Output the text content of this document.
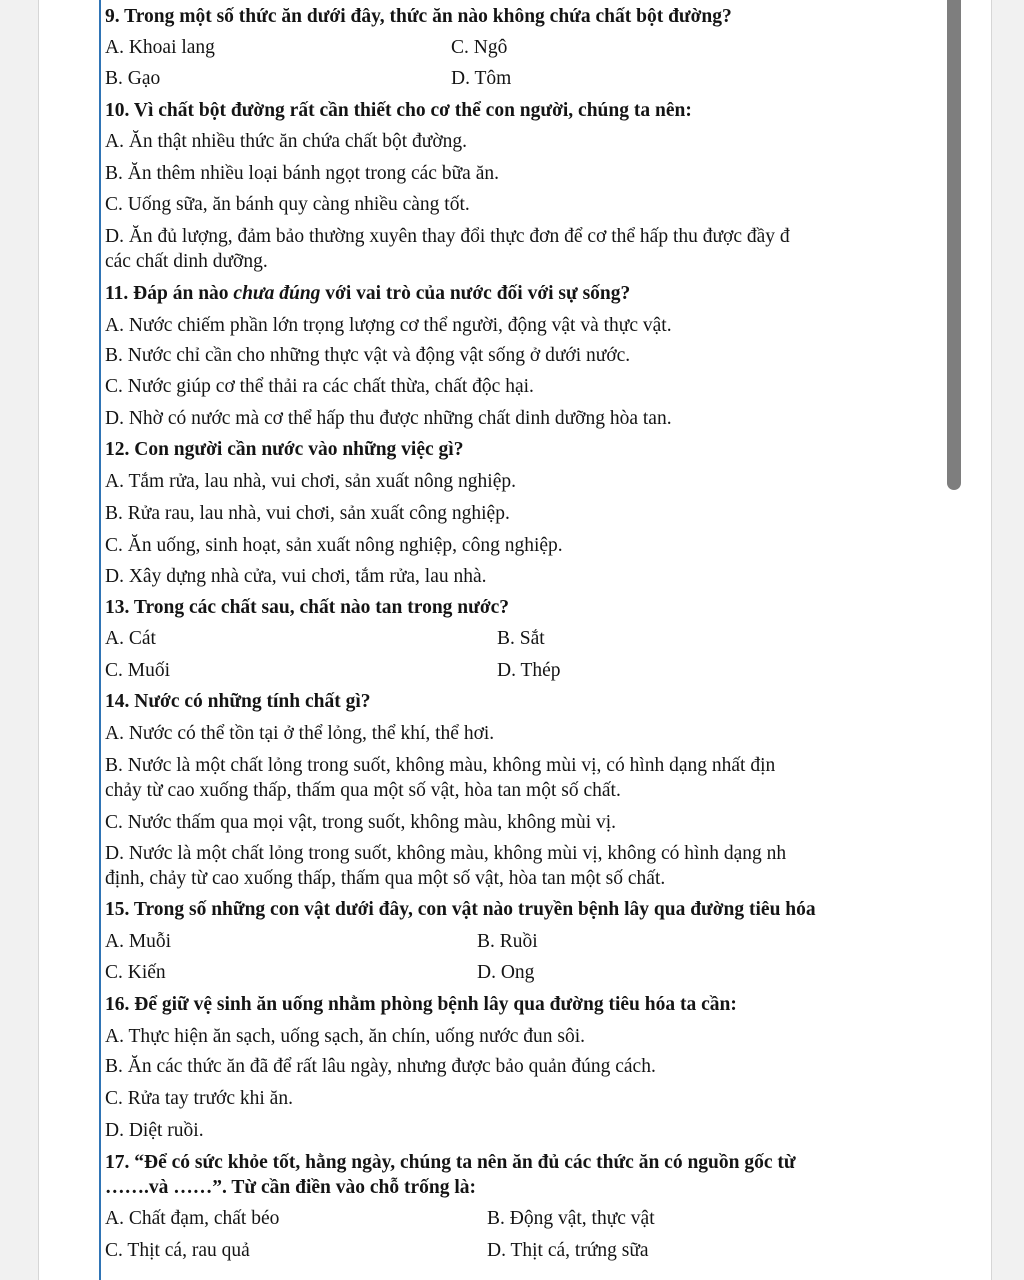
9. Trong một số thức ăn dưới đây, thức ăn nào không chứa chất bột đường?
A. Khoai lang	C. Ngô
B. Gạo	D. Tôm
10. Vì chất bột đường rất cần thiết cho cơ thể con người, chúng ta nên:
A. Ăn thật nhiều thức ăn chứa chất bột đường.
B. Ăn thêm nhiều loại bánh ngọt trong các bữa ăn.
C. Uống sữa, ăn bánh quy càng nhiều càng tốt.
D. Ăn đủ lượng, đảm bảo thường xuyên thay đổi thực đơn để cơ thể hấp thu được đầy đ
các chất dinh dưỡng.
11. Đáp án nào chưa đúng với vai trò của nước đối với sự sống?
A. Nước chiếm phần lớn trọng lượng cơ thể người, động vật và thực vật.
B. Nước chỉ cần cho những thực vật và động vật sống ở dưới nước.
C. Nước giúp cơ thể thải ra các chất thừa, chất độc hại.
D. Nhờ có nước mà cơ thể hấp thu được những chất dinh dưỡng hòa tan.
12. Con người cần nước vào những việc gì?
A. Tắm rửa, lau nhà, vui chơi, sản xuất nông nghiệp.
B. Rửa rau, lau nhà, vui chơi, sản xuất công nghiệp.
C. Ăn uống, sinh hoạt, sản xuất nông nghiệp, công nghiệp.
D. Xây dựng nhà cửa, vui chơi, tắm rửa, lau nhà.
13. Trong các chất sau, chất nào tan trong nước?
A. Cát	B. Sắt
C. Muối	D. Thép
14. Nước có những tính chất gì?
A. Nước có thể tồn tại ở thể lỏng, thể khí, thể hơi.
B. Nước là một chất lỏng trong suốt, không màu, không mùi vị, có hình dạng nhất địn
chảy từ cao xuống thấp, thấm qua một số vật, hòa tan một số chất.
C. Nước thấm qua mọi vật, trong suốt, không màu, không mùi vị.
D. Nước là một chất lỏng trong suốt, không màu, không mùi vị, không có hình dạng nh
định, chảy từ cao xuống thấp, thấm qua một số vật, hòa tan một số chất.
15. Trong số những con vật dưới đây, con vật nào truyền bệnh lây qua đường tiêu hóa
A. Muỗi	B. Ruồi
C. Kiến	D. Ong
16. Để giữ vệ sinh ăn uống nhằm phòng bệnh lây qua đường tiêu hóa ta cần:
A. Thực hiện ăn sạch, uống sạch, ăn chín, uống nước đun sôi.
B. Ăn các thức ăn đã để rất lâu ngày, nhưng được bảo quản đúng cách.
C. Rửa tay trước khi ăn.
D. Diệt ruồi.
17. “Để có sức khỏe tốt, hằng ngày, chúng ta nên ăn đủ các thức ăn có nguồn gốc từ
…….và ……”. Từ cần điền vào chỗ trống là:
A. Chất đạm, chất béo	B. Động vật, thực vật
C. Thịt cá, rau quả	D. Thịt cá, trứng sữa
